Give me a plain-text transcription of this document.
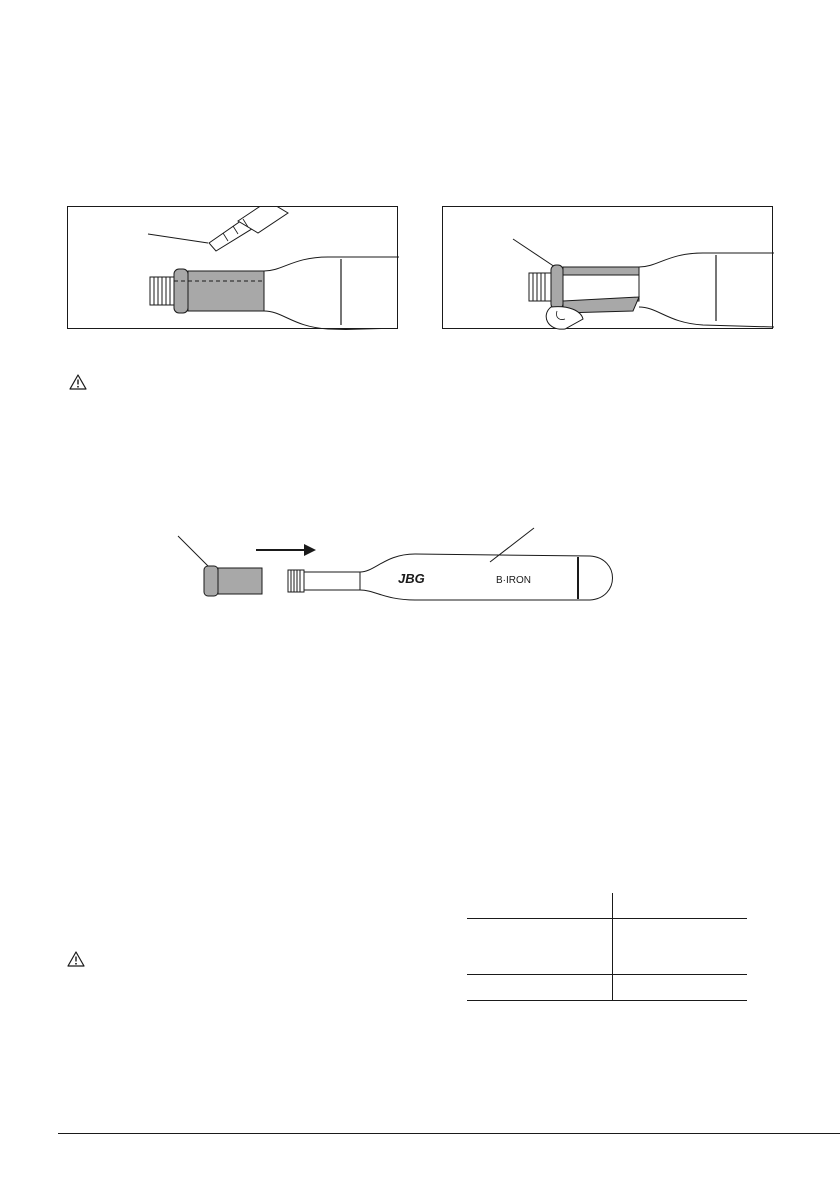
JBG	B·IRON
